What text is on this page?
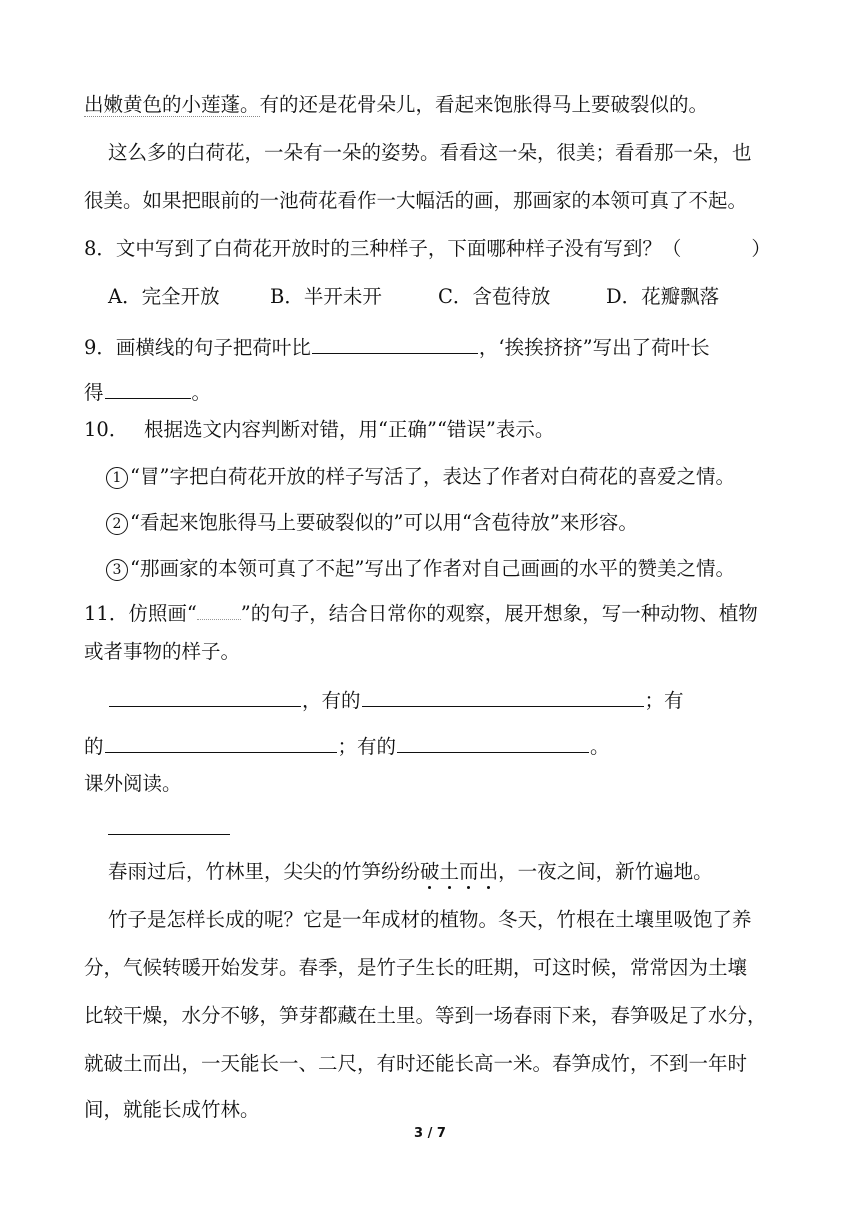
出嫩黄色的小莲蓬。有的还是花骨朵儿，看起来饱胀得马上要破裂似的。
这么多的白荷花，一朵有一朵的姿势。看看这一朵，很美；看看那一朵，也
很美。如果把眼前的一池荷花看作一大幅活的画，那画家的本领可真了不起。
8．文中写到了白荷花开放时的三种样子，下面哪种样子没有写到？（	）
A．完全开放	B．半开未开	C．含苞待放	D．花瓣飘落
9．画横线的句子把荷叶比	，‘挨挨挤挤”写出了荷叶长
得	。
10． 根据选文内容判断对错，用“正确”“错误”表示。
1 “冒”字把白荷花开放的样子写活了，表达了作者对白荷花的喜爱之情。
2 “看起来饱胀得马上要破裂似的”可以用“含苞待放”来形容。
3 “那画家的本领可真了不起”写出了作者对自己画画的水平的赞美之情。
11．仿照画“ ”的句子，结合日常你的观察，展开想象，写一种动物、植物
或者事物的样子。
，有的	；有
的	；有的	。
课外阅读。
春雨过后，竹林里，尖尖的竹笋纷纷破土而出，一夜之间，新竹遍地。
竹子是怎样长成的呢？它是一年成材的植物。冬天，竹根在土壤里吸饱了养
分，气候转暖开始发芽。春季，是竹子生长的旺期，可这时候，常常因为土壤
比较干燥，水分不够，笋芽都藏在土里。等到一场春雨下来，春笋吸足了水分，
就破土而出，一天能长一、二尺，有时还能长高一米。春笋成竹，不到一年时
间，就能长成竹林。
3 / 7
